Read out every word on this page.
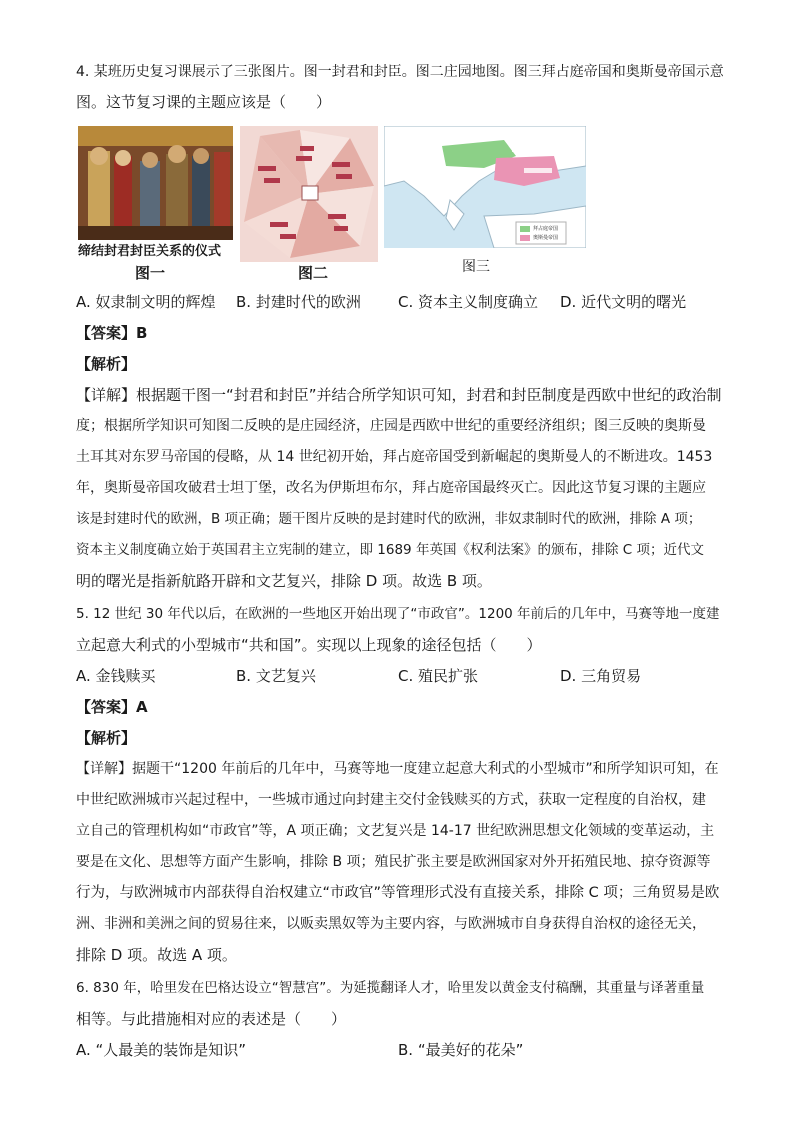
4. 某班历史复习课展示了三张图片。图一封君和封臣。图二庄园地图。图三拜占庭帝国和奥斯曼帝国示意
图。这节复习课的主题应该是（　　）
缔结封君封臣关系的仪式
图一	图二
拜占庭帝国
奥斯曼帝国
图三
A. 奴隶制文明的辉煌 B. 封建时代的欧洲 C. 资本主义制度确立 D. 近代文明的曙光
【答案】B
【解析】
【详解】根据题干图一“封君和封臣”并结合所学知识可知，封君和封臣制度是西欧中世纪的政治制
度；根据所学知识可知图二反映的是庄园经济，庄园是西欧中世纪的重要经济组织；图三反映的奥斯曼
土耳其对东罗马帝国的侵略，从 14 世纪初开始，拜占庭帝国受到新崛起的奥斯曼人的不断进攻。1453
年，奥斯曼帝国攻破君士坦丁堡，改名为伊斯坦布尔，拜占庭帝国最终灭亡。因此这节复习课的主题应
该是封建时代的欧洲，B 项正确；题干图片反映的是封建时代的欧洲，非奴隶制时代的欧洲，排除 A 项；
资本主义制度确立始于英国君主立宪制的建立，即 1689 年英国《权利法案》的颁布，排除 C 项；近代文
明的曙光是指新航路开辟和文艺复兴，排除 D 项。故选 B 项。
5. 12 世纪 30 年代以后，在欧洲的一些地区开始出现了“市政官”。1200 年前后的几年中，马赛等地一度建
立起意大利式的小型城市“共和国”。实现以上现象的途径包括（　　）
A. 金钱赎买	B. 文艺复兴	C. 殖民扩张	D. 三角贸易
【答案】A
【解析】
【详解】据题干“1200 年前后的几年中，马赛等地一度建立起意大利式的小型城市”和所学知识可知，在
中世纪欧洲城市兴起过程中，一些城市通过向封建主交付金钱赎买的方式，获取一定程度的自治权，建
立自己的管理机构如“市政官”等，A 项正确；文艺复兴是 14-17 世纪欧洲思想文化领域的变革运动，主
要是在文化、思想等方面产生影响，排除 B 项；殖民扩张主要是欧洲国家对外开拓殖民地、掠夺资源等
行为，与欧洲城市内部获得自治权建立“市政官”等管理形式没有直接关系，排除 C 项；三角贸易是欧
洲、非洲和美洲之间的贸易往来，以贩卖黑奴等为主要内容，与欧洲城市自身获得自治权的途径无关，
排除 D 项。故选 A 项。
6. 830 年，哈里发在巴格达设立“智慧宫”。为延揽翻译人才，哈里发以黄金支付稿酬，其重量与译著重量
相等。与此措施相对应的表述是（　　）
A. “人最美的装饰是知识”	B. “最美好的花朵”
